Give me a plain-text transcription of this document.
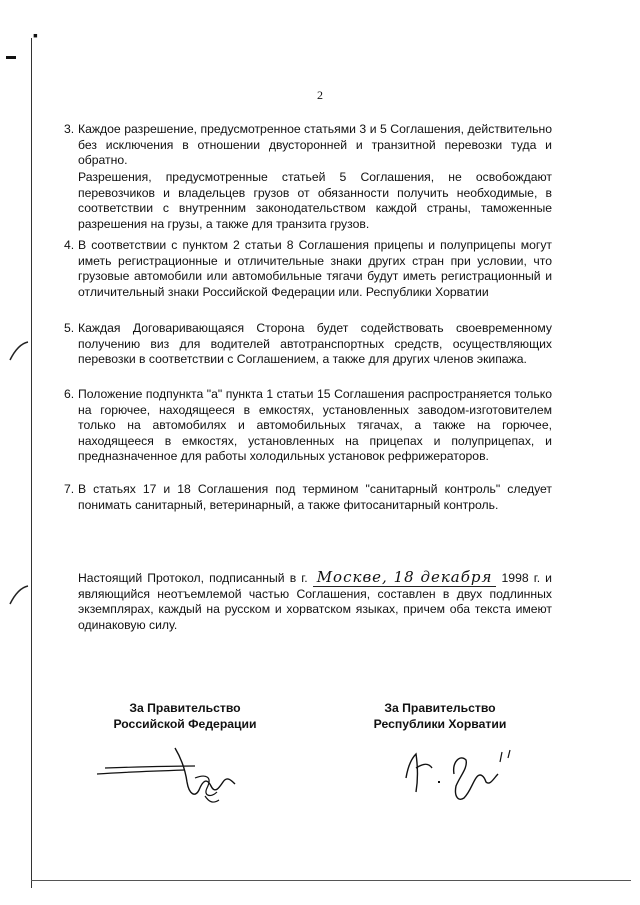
▪
▬
2
3. Каждое разрешение, предусмотренное статьями 3 и 5 Соглашения, действительно без исключения в отношении двусторонней и транзитной перевозки туда и обратно.
Разрешения, предусмотренные статьей 5 Соглашения, не освобождают перевозчиков и владельцев грузов от обязанности получить необходимые, в соответствии с внутренним законодательством каждой страны, таможенные разрешения на грузы, а также для транзита грузов.
4. В соответствии с пунктом 2 статьи 8 Соглашения прицепы и полуприцепы могут иметь регистрационные и отличительные знаки других стран при условии, что грузовые автомобили или автомобильные тягачи будут иметь регистрационный и отличительный знаки Российской Федерации или. Республики Хорватии
5. Каждая Договаривающаяся Сторона будет содействовать своевременному получению виз для водителей автотранспортных средств, осуществляющих перевозки в соответствии с Соглашением, а также для других членов экипажа.
6. Положение подпункта "а" пункта 1 статьи 15 Соглашения распространяется только на горючее, находящееся в емкостях, установленных заводом-изготовителем только на автомобилях и автомобильных тягачах, а также на горючее, находящееся в емкостях, установленных на прицепах и полуприцепах, и предназначенное для работы холодильных установок рефрижераторов.
7. В статьях 17 и 18 Соглашения под термином "санитарный контроль" следует понимать санитарный, ветеринарный, а также фитосанитарный контроль.
Настоящий Протокол, подписанный в г. Москве, 18 декабря 1998 г. и являющийся неотъемлемой частью Соглашения, составлен в двух подлинных экземплярах, каждый на русском и хорватском языках, причем оба текста имеют одинаковую силу.
За Правительство
Российской Федерации
За Правительство
Республики Хорватии
